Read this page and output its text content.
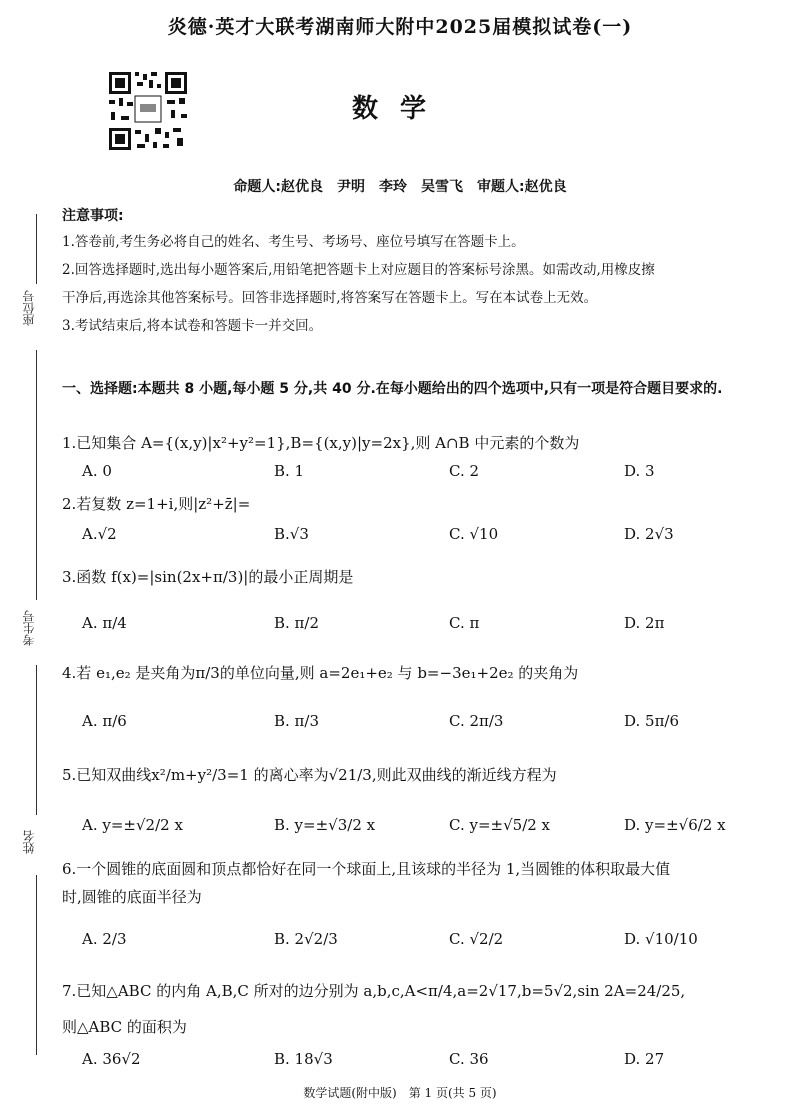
炎德·英才大联考湖南师大附中2025届模拟试卷(一)
数学
命题人:赵优良　尹明　李玲　吴雪飞　审题人:赵优良
座位号
考生号
姓名
注意事项:
1.答卷前,考生务必将自己的姓名、考生号、考场号、座位号填写在答题卡上。
2.回答选择题时,选出每小题答案后,用铅笔把答题卡上对应题目的答案标号涂黑。如需改动,用橡皮擦
干净后,再选涂其他答案标号。回答非选择题时,将答案写在答题卡上。写在本试卷上无效。
3.考试结束后,将本试卷和答题卡一并交回。
一、选择题:本题共 8 小题,每小题 5 分,共 40 分.在每小题给出的四个选项中,只有一项是符合题目要求的.
1.已知集合 A={(x,y)|x²+y²=1},B={(x,y)|y=2x},则 A∩B 中元素的个数为
A. 0	B. 1	C. 2	D. 3
2.若复数 z=1+i,则|z²+z̄|=
A.√2	B.√3	C. √10	D. 2√3
3.函数 f(x)=|sin(2x+π/3)|的最小正周期是
A. π/4	B. π/2	C. π	D. 2π
4.若 e₁,e₂ 是夹角为π/3的单位向量,则 a=2e₁+e₂ 与 b=−3e₁+2e₂ 的夹角为
A. π/6	B. π/3	C. 2π/3	D. 5π/6
5.已知双曲线x²/m+y²/3=1 的离心率为√21/3,则此双曲线的渐近线方程为
A. y=±√2/2 x	B. y=±√3/2 x	C. y=±√5/2 x	D. y=±√6/2 x
6.一个圆锥的底面圆和顶点都恰好在同一个球面上,且该球的半径为 1,当圆锥的体积取最大值
时,圆锥的底面半径为
A. 2/3	B. 2√2/3	C. √2/2	D. √10/10
7.已知△ABC 的内角 A,B,C 所对的边分别为 a,b,c,A<π/4,a=2√17,b=5√2,sin 2A=24/25,
则△ABC 的面积为
A. 36√2	B. 18√3	C. 36	D. 27
数学试题(附中版)　第 1 页(共 5 页)
